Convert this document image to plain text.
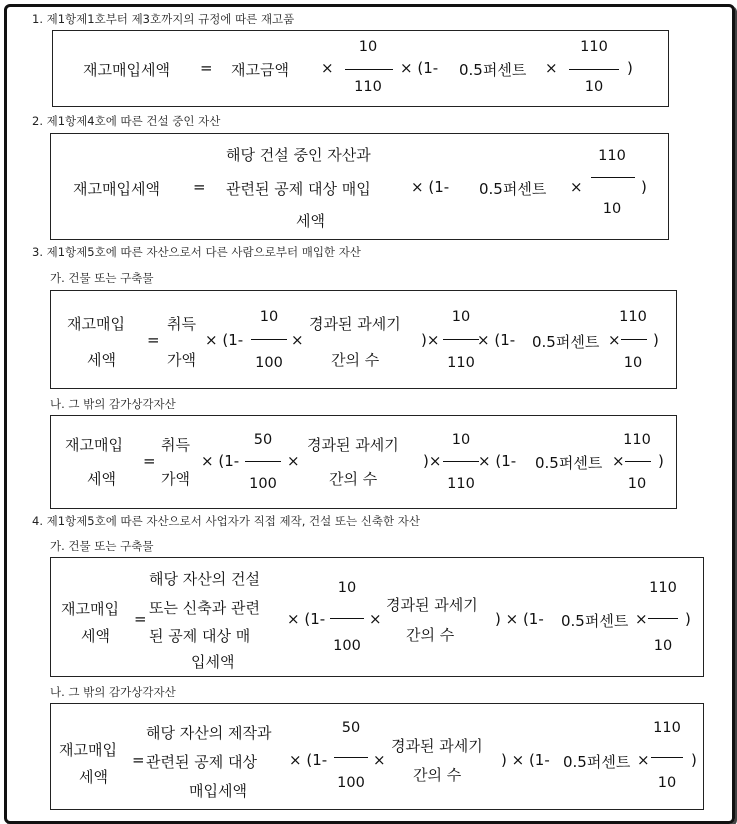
1. 제1항제1호부터 제3호까지의 규정에 따른 재고품
재고매입세액 = 재고금액 ×
10
110
× (1- 0.5퍼센트 ×
110
10
)
2. 제1항제4호에 따른 건설 중인 자산
재고매입세액 =
해당 건설 중인 자산과
관련된 공제 대상 매입
세액
× (1- 0.5퍼센트 ×
110
10
)
3. 제1항제5호에 따른 자산으로서 다른 사람으로부터 매입한 자산
가. 건물 또는 구축물
재고매입
세액
=
취득
가액
× (1-
10
100
×
경과된 과세기
간의 수
)×
10
110
× (1- 0.5퍼센트 ×
110
10
)
나. 그 밖의 감가상각자산
재고매입
세액
=
취득
가액
× (1-
50
100
×
경과된 과세기
간의 수
)×
10
110
× (1- 0.5퍼센트 ×
110
10
)
4. 제1항제5호에 따른 자산으로서 사업자가 직접 제작, 건설 또는 신축한 자산
가. 건물 또는 구축물
재고매입
세액
=
해당 자산의 건설
또는 신축과 관련
된 공제 대상 매
입세액
× (1-
10
100
×
경과된 과세기
간의 수
) × (1- 0.5퍼센트 ×
110
10
)
나. 그 밖의 감가상각자산
재고매입
세액
=
해당 자산의 제작과
관련된 공제 대상
매입세액
× (1-
50
100
×
경과된 과세기
간의 수
) × (1- 0.5퍼센트 ×
110
10
)
